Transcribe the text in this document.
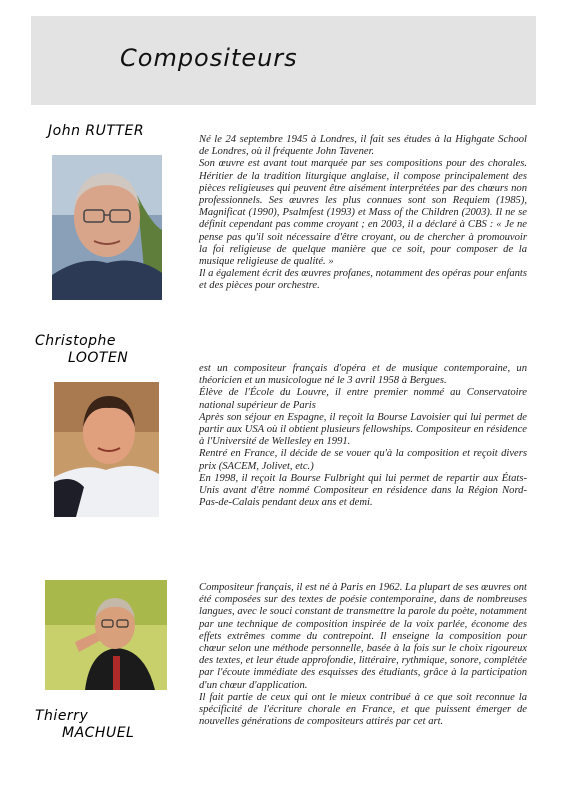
Compositeurs
John RUTTER

Né le 24 septembre 1945 à Londres, il fait ses études à la Highgate School de Londres, où il fréquente John Tavener.

Son œuvre est avant tout marquée par ses compositions pour des chorales. Héritier de la tradition liturgique anglaise, il compose principalement des pièces religieuses qui peuvent être aisément interprétées par des chœurs non professionnels. Ses œuvres les plus connues sont son Requiem (1985), Magnificat (1990), Psalmfest (1993) et Mass of the Children (2003). Il ne se définit cependant pas comme croyant ; en 2003, il a déclaré à CBS : « Je ne pense pas qu'il soit nécessaire d'être croyant, ou de chercher à promouvoir la foi religieuse de quelque manière que ce soit, pour composer de la musique religieuse de qualité. »

Il a également écrit des œuvres profanes, notamment des opéras pour enfants et des pièces pour orchestre.

Christophe
LOOTEN

est un compositeur français d'opéra et de musique contemporaine, un théoricien et un musicologue né le 3 avril 1958 à Bergues.

Élève de l'École du Louvre, il entre premier nommé au Conservatoire national supérieur de Paris

Après son séjour en Espagne, il reçoit la Bourse Lavoisier qui lui permet de partir aux USA où il obtient plusieurs fellowships. Compositeur en résidence à l'Université de Wellesley en 1991.

Rentré en France, il décide de se vouer qu'à la composition et reçoit divers prix (SACEM, Jolivet, etc.)

En 1998, il reçoit la Bourse Fulbright qui lui permet de repartir aux États-Unis avant d'être nommé Compositeur en résidence dans la Région Nord-Pas-de-Calais pendant deux ans et demi.

Thierry
MACHUEL

Compositeur français, il est né à Paris en 1962. La plupart de ses œuvres ont été composées sur des textes de poésie contemporaine, dans de nombreuses langues, avec le souci constant de transmettre la parole du poète, notamment par une technique de composition inspirée de la voix parlée, économe des effets extrêmes comme du contrepoint. Il enseigne la composition pour chœur selon une méthode personnelle, basée à la fois sur le choix rigoureux des textes, et leur étude approfondie, littéraire, rythmique, sonore, complétée par l'écoute immédiate des esquisses des étudiants, grâce à la participation d'un chœur d'application.

Il fait partie de ceux qui ont le mieux contribué à ce que soit reconnue la spécificité de l'écriture chorale en France, et que puissent émerger de nouvelles générations de compositeurs attirés par cet art.
